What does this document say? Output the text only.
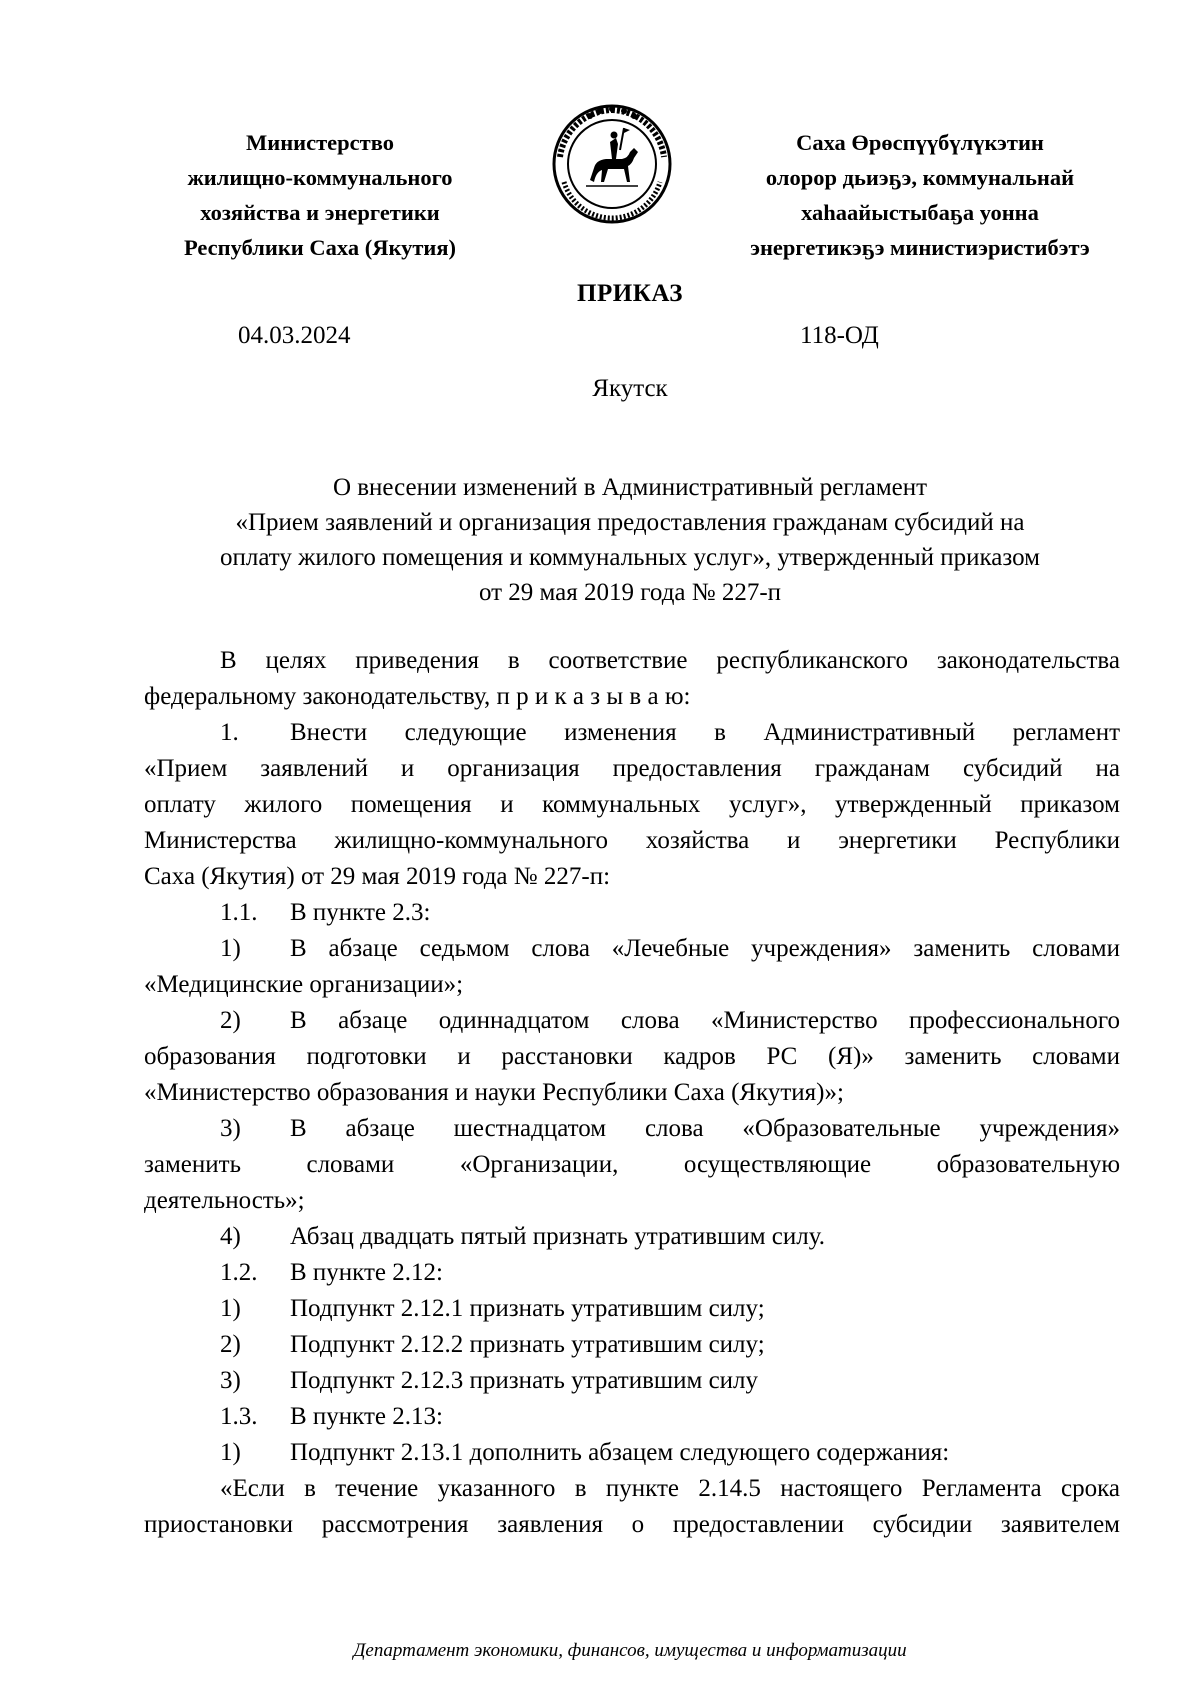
Министерство
жилищно-коммунального
хозяйства и энергетики
Республики Саха (Якутия)
Саха Өрөспүүбүлүкэтин
олорор дьиэҕэ, коммунальнай
хаһаайыстыбаҕа уонна
энергетикэҕэ министиэристибэтэ
ПРИКАЗ
04.03.2024	118-ОД
Якутск
О внесении изменений в Административный регламент
«Прием заявлений и организация предоставления гражданам субсидий на
оплату жилого помещения и коммунальных услуг», утвержденный приказом
от 29 мая 2019 года № 227-п
В целях приведения в соответствие республиканского законодательства
федеральному законодательству, п р и к а з ы в а ю:
1. Внести следующие изменения в Административный регламент
«Прием заявлений и организация предоставления гражданам субсидий на
оплату жилого помещения и коммунальных услуг», утвержденный приказом
Министерства жилищно-коммунального хозяйства и энергетики Республики
Саха (Якутия) от 29 мая 2019 года № 227-п:
1.1. В пункте 2.3:
1) В абзаце седьмом слова «Лечебные учреждения» заменить словами
«Медицинские организации»;
2) В абзаце одиннадцатом слова «Министерство профессионального
образования подготовки и расстановки кадров РС (Я)» заменить словами
«Министерство образования и науки Республики Саха (Якутия)»;
3) В абзаце шестнадцатом слова «Образовательные учреждения»
заменить словами «Организации, осуществляющие образовательную
деятельность»;
4) Абзац двадцать пятый признать утратившим силу.
1.2. В пункте 2.12:
1) Подпункт 2.12.1 признать утратившим силу;
2) Подпункт 2.12.2 признать утратившим силу;
3) Подпункт 2.12.3 признать утратившим силу
1.3. В пункте 2.13:
1) Подпункт 2.13.1 дополнить абзацем следующего содержания:
«Если в течение указанного в пункте 2.14.5 настоящего Регламента срока
приостановки рассмотрения заявления о предоставлении субсидии заявителем
Департамент экономики, финансов, имущества и информатизации
